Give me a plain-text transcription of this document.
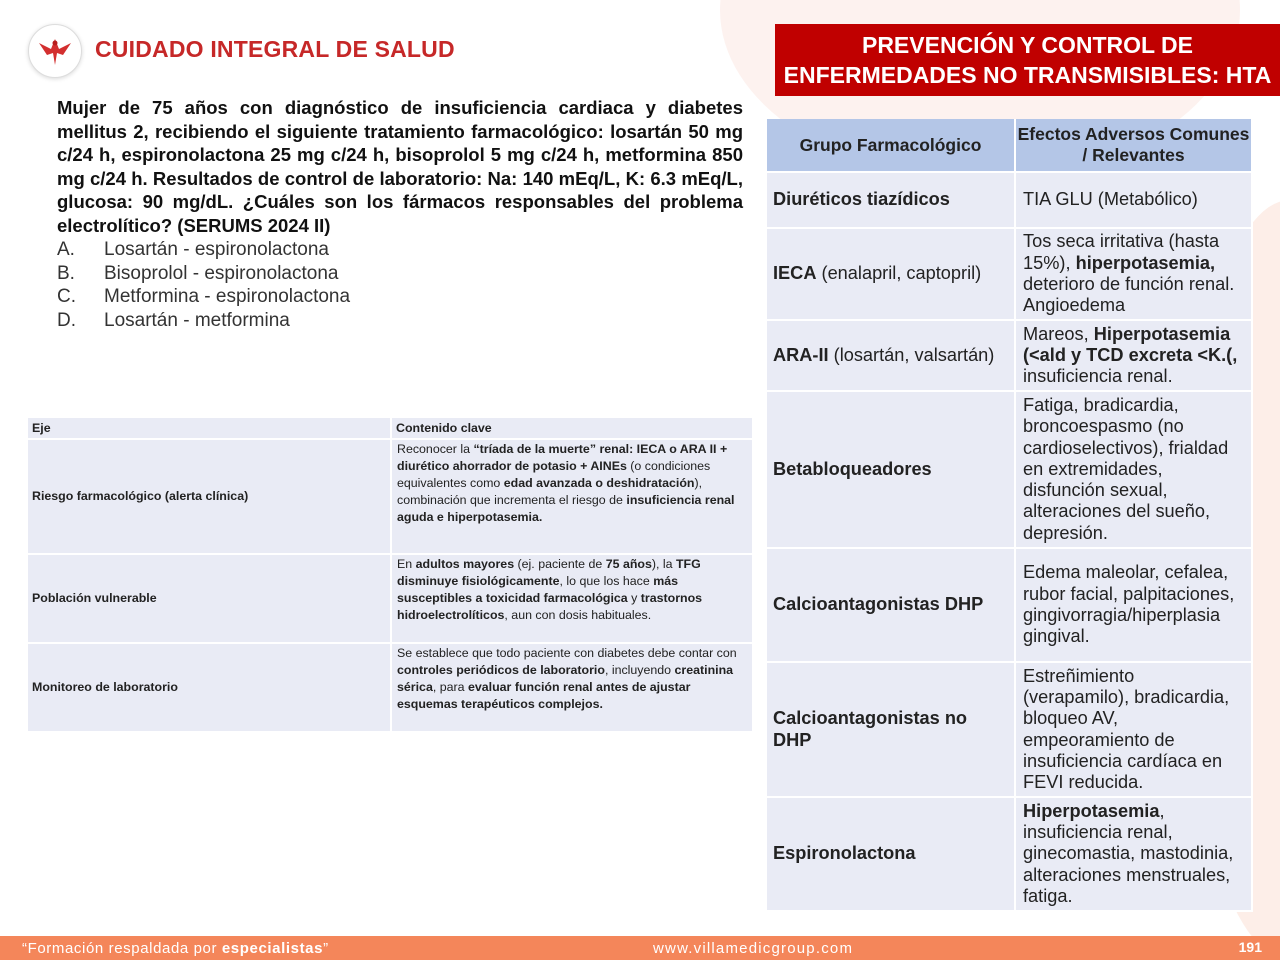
CUIDADO INTEGRAL DE SALUD	PREVENCIÓN Y CONTROL DE
ENFERMEDADES NO TRANSMISIBLES: HTA
Mujer de 75 años con diagnóstico de insuficiencia cardiaca y diabetes mellitus 2, recibiendo el siguiente tratamiento farmacológico: losartán 50 mg c/24 h, espironolactona 25 mg c/24 h, bisoprolol 5 mg c/24 h, metformina 850 mg c/24 h. Resultados de control de laboratorio: Na: 140 mEq/L, K: 6.3 mEq/L, glucosa: 90 mg/dL. ¿Cuáles son los fármacos responsables del problema electrolítico? (SERUMS 2024 II)
A.	Losartán - espironolactona
B.	Bisoprolol - espironolactona
C.	Metformina - espironolactona
D.	Losartán - metformina
Eje	Contenido clave
Riesgo farmacológico (alerta clínica)	Reconocer la “tríada de la muerte” renal: IECA o ARA II + diurético ahorrador de potasio + AINEs (o condiciones equivalentes como edad avanzada o deshidratación), combinación que incrementa el riesgo de insuficiencia renal aguda e hiperpotasemia.
Población vulnerable	En adultos mayores (ej. paciente de 75 años), la TFG disminuye fisiológicamente, lo que los hace más susceptibles a toxicidad farmacológica y trastornos hidroelectrolíticos, aun con dosis habituales.
Monitoreo de laboratorio	Se establece que todo paciente con diabetes debe contar con controles periódicos de laboratorio, incluyendo creatinina sérica, para evaluar función renal antes de ajustar esquemas terapéuticos complejos.
Grupo Farmacológico	Efectos Adversos Comunes / Relevantes
Diuréticos tiazídicos	TIA GLU (Metabólico)
IECA (enalapril, captopril)	Tos seca irritativa (hasta 15%), hiperpotasemia, deterioro de función renal. Angioedema
ARA-II (losartán, valsartán)	Mareos, Hiperpotasemia (<ald y TCD excreta <K.(, insuficiencia renal.
Betabloqueadores	Fatiga, bradicardia, broncoespasmo (no cardioselectivos), frialdad en extremidades, disfunción sexual, alteraciones del sueño, depresión.
Calcioantagonistas DHP	Edema maleolar, cefalea, rubor facial, palpitaciones, gingivorragia/hiperplasia gingival.
Calcioantagonistas no DHP	Estreñimiento (verapamilo), bradicardia, bloqueo AV, empeoramiento de insuficiencia cardíaca en FEVI reducida.
Espironolactona	Hiperpotasemia, insuficiencia renal, ginecomastia, mastodinia, alteraciones menstruales, fatiga.
“Formación respaldada por especialistas”	www.villamedicgroup.com	191
